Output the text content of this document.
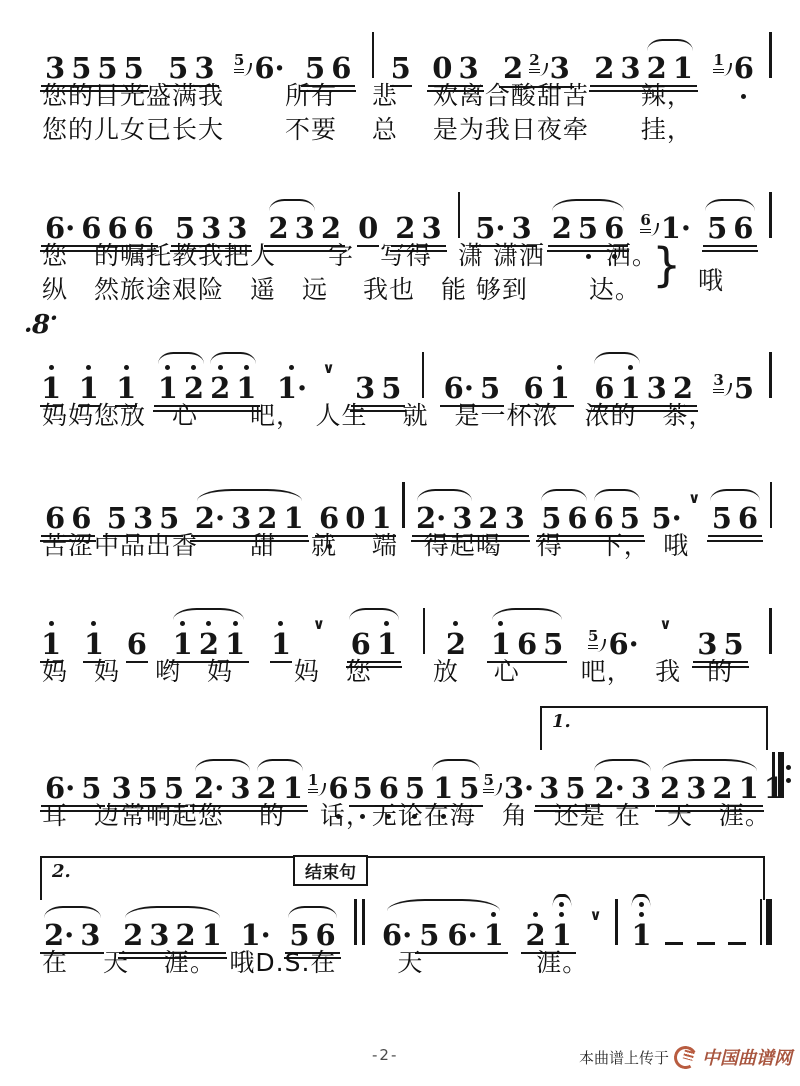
3 5 5 5 5 3 5 6· 5 6 5 0 3 2 2 3 2 3 2 1	1 6
您的目光盛满我　　 所有　 悲　 欢离合酸甜苦　　辣，
您的儿女已长大　　 不要　 总　 是为我日夜牵　　挂，
6· 6 6 6 5 3 3 2 3 2 0 2 3 5· 3 2 5 6	6 1· 5 6
您　的嘱托教我把人　　字　写得　潇 潇洒　　 洒。
纵　然旅途艰险　遥　远　 我也　能 够到　　 达。 } 哦
· 8 ·
1 1 1 1 2 2 1 1·
∨
3 5 6· 5 6 1 6 1 3 2	3 5
妈妈您放　心　　吧，　人生　 就　是一杯浓　浓的　茶，
6 6 5 3 5 2· 3 2 1 6 0 1 2· 3 2 3 5 6 6 5 5·
∨
5 6
苦涩中品出香　　甜　 就　 端　得起喝　 得　 下，　哦
1 1 6 1 2 1 1
∨
6 1 2 1 6 5 5 6·
∨
3 5
妈　妈　 哟　妈　　 妈　您　　 放　 心　　 吧，　 我　的
1.
6· 5 3 5 5 2· 3 2 1 1 6 5 6 5 1 5 5 3· 3 5 2· 3 2 3 2 1 1
耳　边常响起您　 的　 话，无论在海　角　还是 在　天　涯。
2.	结束句
2· 3 2 3 2 1 1· 5 6 6· 5 6· 1 2 1
∨
1
在　 天　 涯。　哦D.S.在　　 天　　　　 涯。
-2-	本曲谱上传于 中国曲谱网
